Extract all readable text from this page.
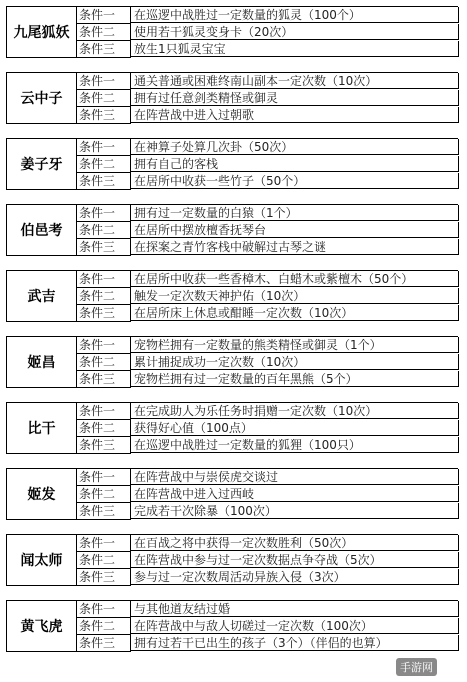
九尾狐妖
条件一	在巡逻中战胜过一定数量的狐灵（100个）
条件二	使用若干狐灵变身卡（20次）
条件三	放生1只狐灵宝宝
云中子
条件一	通关普通或困难终南山副本一定次数（10次）
条件二	拥有过任意剑类精怪或御灵
条件三	在阵营战中进入过朝歌
姜子牙
条件一	在神算子处算几次卦（50次）
条件二	拥有自己的客栈
条件三	在居所中收获一些竹子（50个）
伯邑考
条件一	拥有过一定数量的白猿（1个）
条件二	在居所中摆放檀香抚琴台
条件三	在探案之青竹客栈中破解过古琴之谜
武吉
条件一	在居所中收获一些香樟木、白蜡木或紫檀木（50个）
条件二	触发一定次数天神护佑（10次）
条件三	在居所床上休息或酣睡一定次数（10次）
姬昌
条件一	宠物栏拥有一定数量的熊类精怪或御灵（1个）
条件二	累计捕捉成功一定次数（10次）
条件三	宠物栏拥有过一定数量的百年黑熊（5个）
比干
条件一	在完成助人为乐任务时捐赠一定次数（10次）
条件二	获得好心值（100点）
条件三	在巡逻中战胜过一定数量的狐狸（100只）
姬发
条件一	在阵营战中与崇侯虎交谈过
条件二	在阵营战中进入过西岐
条件三	完成若干次除暴（100次）
闻太师
条件一	在百战之将中获得一定次数胜利（50次）
条件二	在阵营战中参与过一定次数据点争夺战（5次）
条件三	参与过一定次数周活动异族入侵（3次）
黄飞虎
条件一	与其他道友结过婚
条件二	在阵营战中与敌人切磋过一定次数（100次）
条件三	拥有过若干已出生的孩子（3个）（伴侣的也算）
手游网
